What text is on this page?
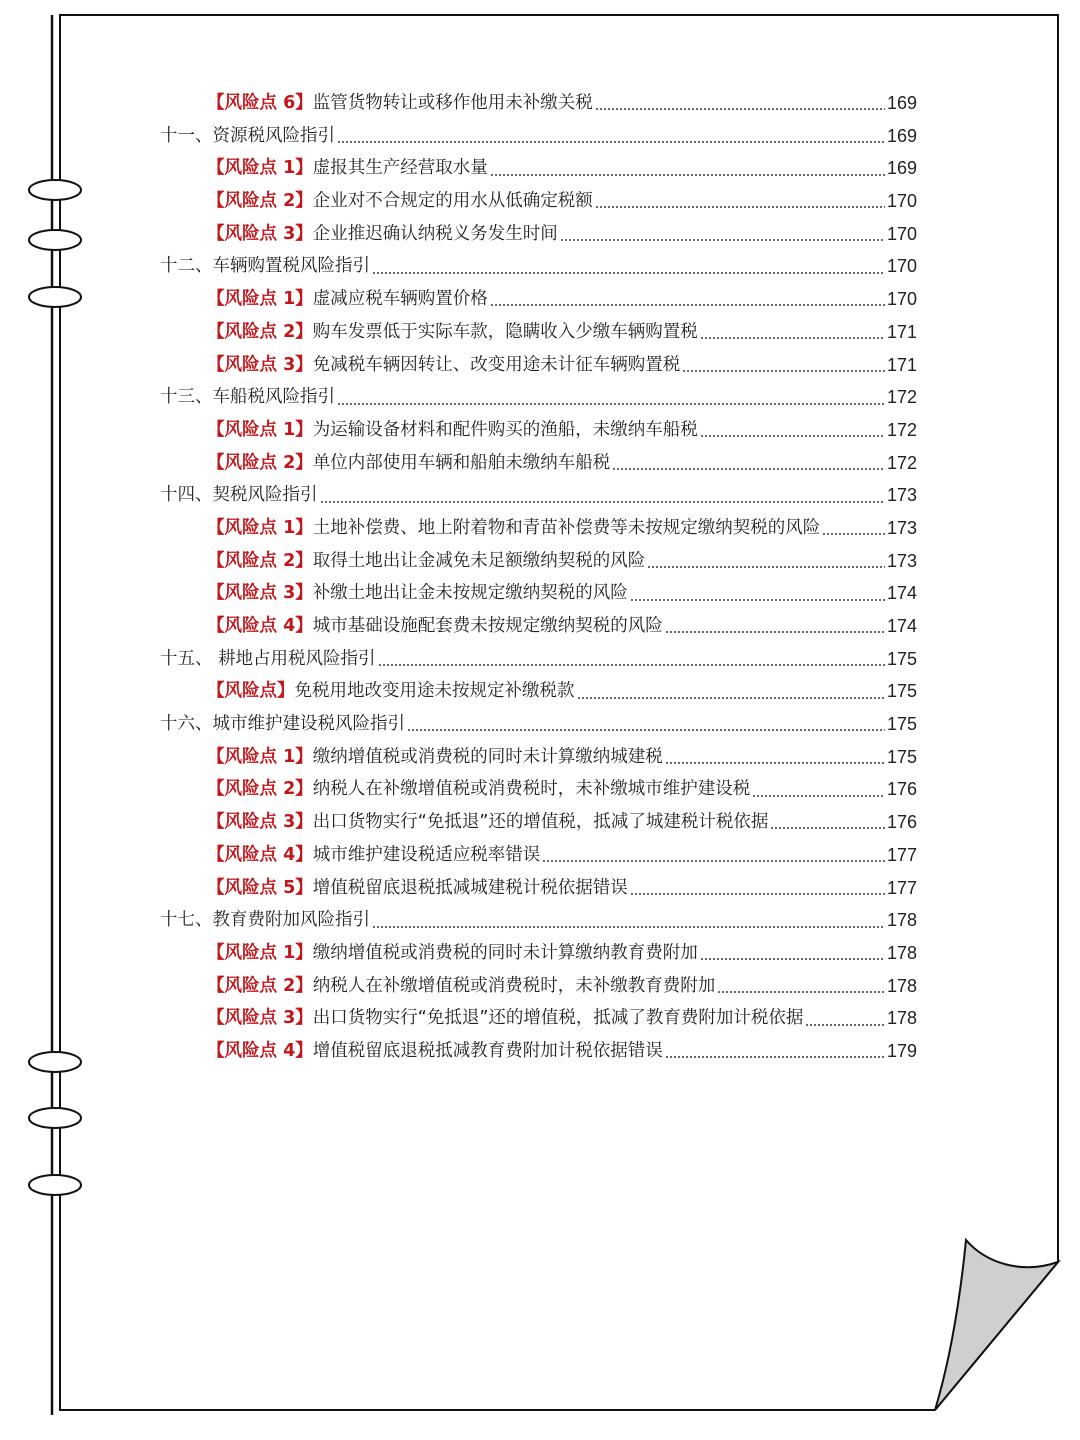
【风险点 6】 监管货物转让或移作他用未补缴关税	169
十一、资源税风险指引	169
【风险点 1】 虚报其生产经营取水量	169
【风险点 2】 企业对不合规定的用水从低确定税额	170
【风险点 3】 企业推迟确认纳税义务发生时间	170
十二、车辆购置税风险指引	170
【风险点 1】 虚减应税车辆购置价格	170
【风险点 2】 购车发票低于实际车款，隐瞒收入少缴车辆购置税	171
【风险点 3】 免减税车辆因转让、改变用途未计征车辆购置税	171
十三、车船税风险指引	172
【风险点 1】 为运输设备材料和配件购买的渔船，未缴纳车船税	172
【风险点 2】 单位内部使用车辆和船舶未缴纳车船税	172
十四、契税风险指引	173
【风险点 1】 土地补偿费、地上附着物和青苗补偿费等未按规定缴纳契税的风险	173
【风险点 2】 取得土地出让金减免未足额缴纳契税的风险	173
【风险点 3】 补缴土地出让金未按规定缴纳契税的风险	174
【风险点 4】 城市基础设施配套费未按规定缴纳契税的风险	174
十五、 耕地占用税风险指引	175
【风险点】 免税用地改变用途未按规定补缴税款	175
十六、城市维护建设税风险指引	175
【风险点 1】 缴纳增值税或消费税的同时未计算缴纳城建税	175
【风险点 2】 纳税人在补缴增值税或消费税时，未补缴城市维护建设税	176
【风险点 3】 出口货物实行“免抵退”还的增值税，抵减了城建税计税依据	176
【风险点 4】 城市维护建设税适应税率错误	177
【风险点 5】 增值税留底退税抵减城建税计税依据错误	177
十七、教育费附加风险指引	178
【风险点 1】 缴纳增值税或消费税的同时未计算缴纳教育费附加	178
【风险点 2】 纳税人在补缴增值税或消费税时，未补缴教育费附加	178
【风险点 3】 出口货物实行“免抵退”还的增值税，抵减了教育费附加计税依据	178
【风险点 4】 增值税留底退税抵减教育费附加计税依据错误	179
